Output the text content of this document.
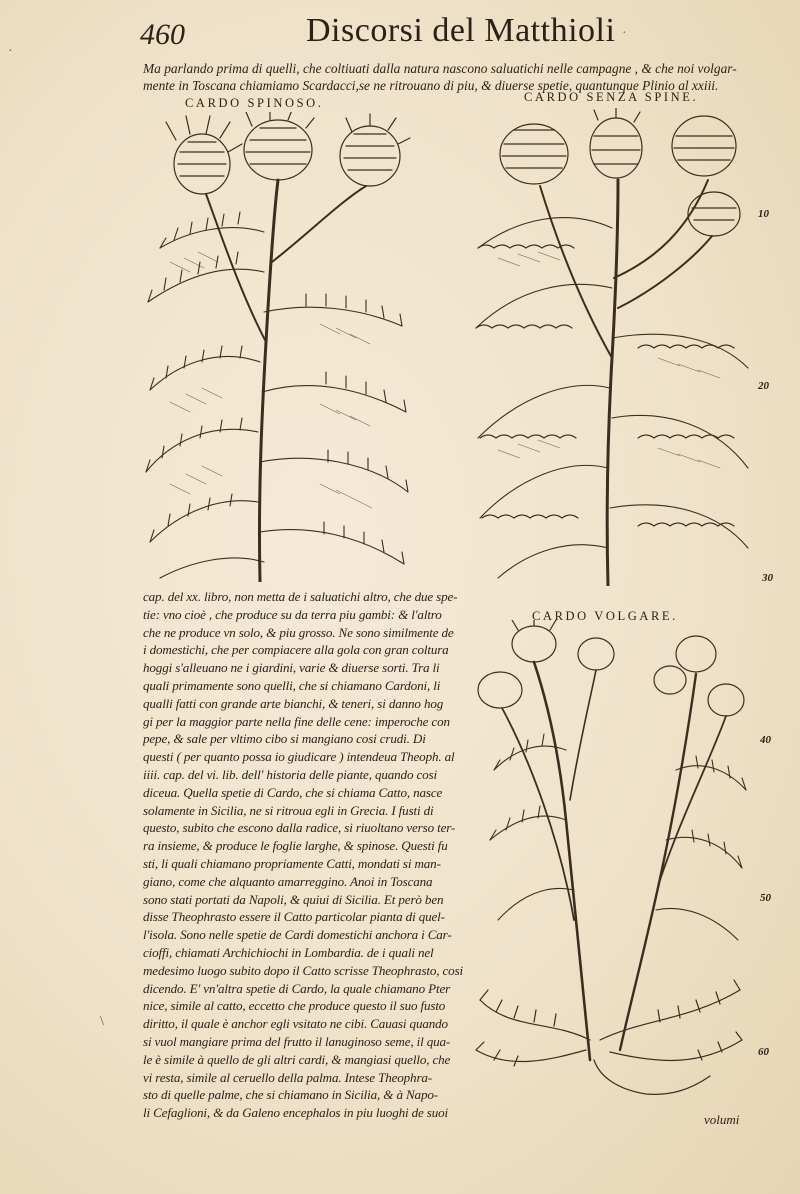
460	Discorsi del Matthioli ·
Ma parlando prima di quelli, che coltiuati dalla natura nascono saluatichi nelle campagne , & che noi volgar-
mente in Toscana chiamiamo Scardacci,se ne ritrouano di piu, & diuerse spetie, quantunque Plinio al xxiii.
CARDO SPINOSO.	CARDO SENZA SPINE.
CARDO VOLGARE.
cap. del xx. libro, non metta de i saluatichi altro, che due spe-
tie: vno cioè , che produce su da terra piu gambi: & l'altro
che ne produce vn solo, & piu grosso. Ne sono similmente de
i domestichi, che per compiacere alla gola con gran coltura
hoggi s'alleuano ne i giardini, varie & diuerse sorti. Tra li
quali primamente sono quelli, che si chiamano Cardoni, li
qualli fatti con grande arte bianchi, & teneri, si danno hog
gi per la maggior parte nella fine delle cene: imperoche con
pepe, & sale per vltimo cibo si mangiano cosi crudi. Di
questi ( per quanto possa io giudicare ) intendeua Theoph. al
iiii. cap. del vi. lib. dell' historia delle piante, quando cosi
diceua. Quella spetie di Cardo, che si chiama Catto, nasce
solamente in Sicilia, ne si ritroua egli in Grecia. I fusti di
questo, subito che escono dalla radice, si riuoltano verso ter-
ra insieme, & produce le foglie larghe, & spinose. Questi fu
sti, li quali chiamano propriamente Catti, mondati si man-
giano, come che alquanto amarreggino. Anoi in Toscana
sono stati portati da Napoli, & quiui di Sicilia. Et però ben
disse Theophrasto essere il Catto particolar pianta di quel-
l'isola. Sono nelle spetie de Cardi domestichi anchora i Car-
cioffi, chiamati Archichiochi in Lombardia. de i quali nel
medesimo luogo subito dopo il Catto scrisse Theophrasto, cosi
dicendo. E' vn'altra spetie di Cardo, la quale chiamano Pter
nice, simile al catto, eccetto che produce questo il suo fusto
diritto, il quale è anchor egli vsitato ne cibi. Cauasi quando
si vuol mangiare prima del frutto il lanuginoso seme, il qua-
le è simile à quello de gli altri cardi, & mangiasi quello, che
vi resta, simile al ceruello della palma. Intese Theophra-
sto di quelle palme, che si chiamano in Sicilia, & à Napo-
li Cefaglioni, & da Galeno encephalos in piu luoghi de suoi
10
20
30
40
50
60
volumi
·
\
